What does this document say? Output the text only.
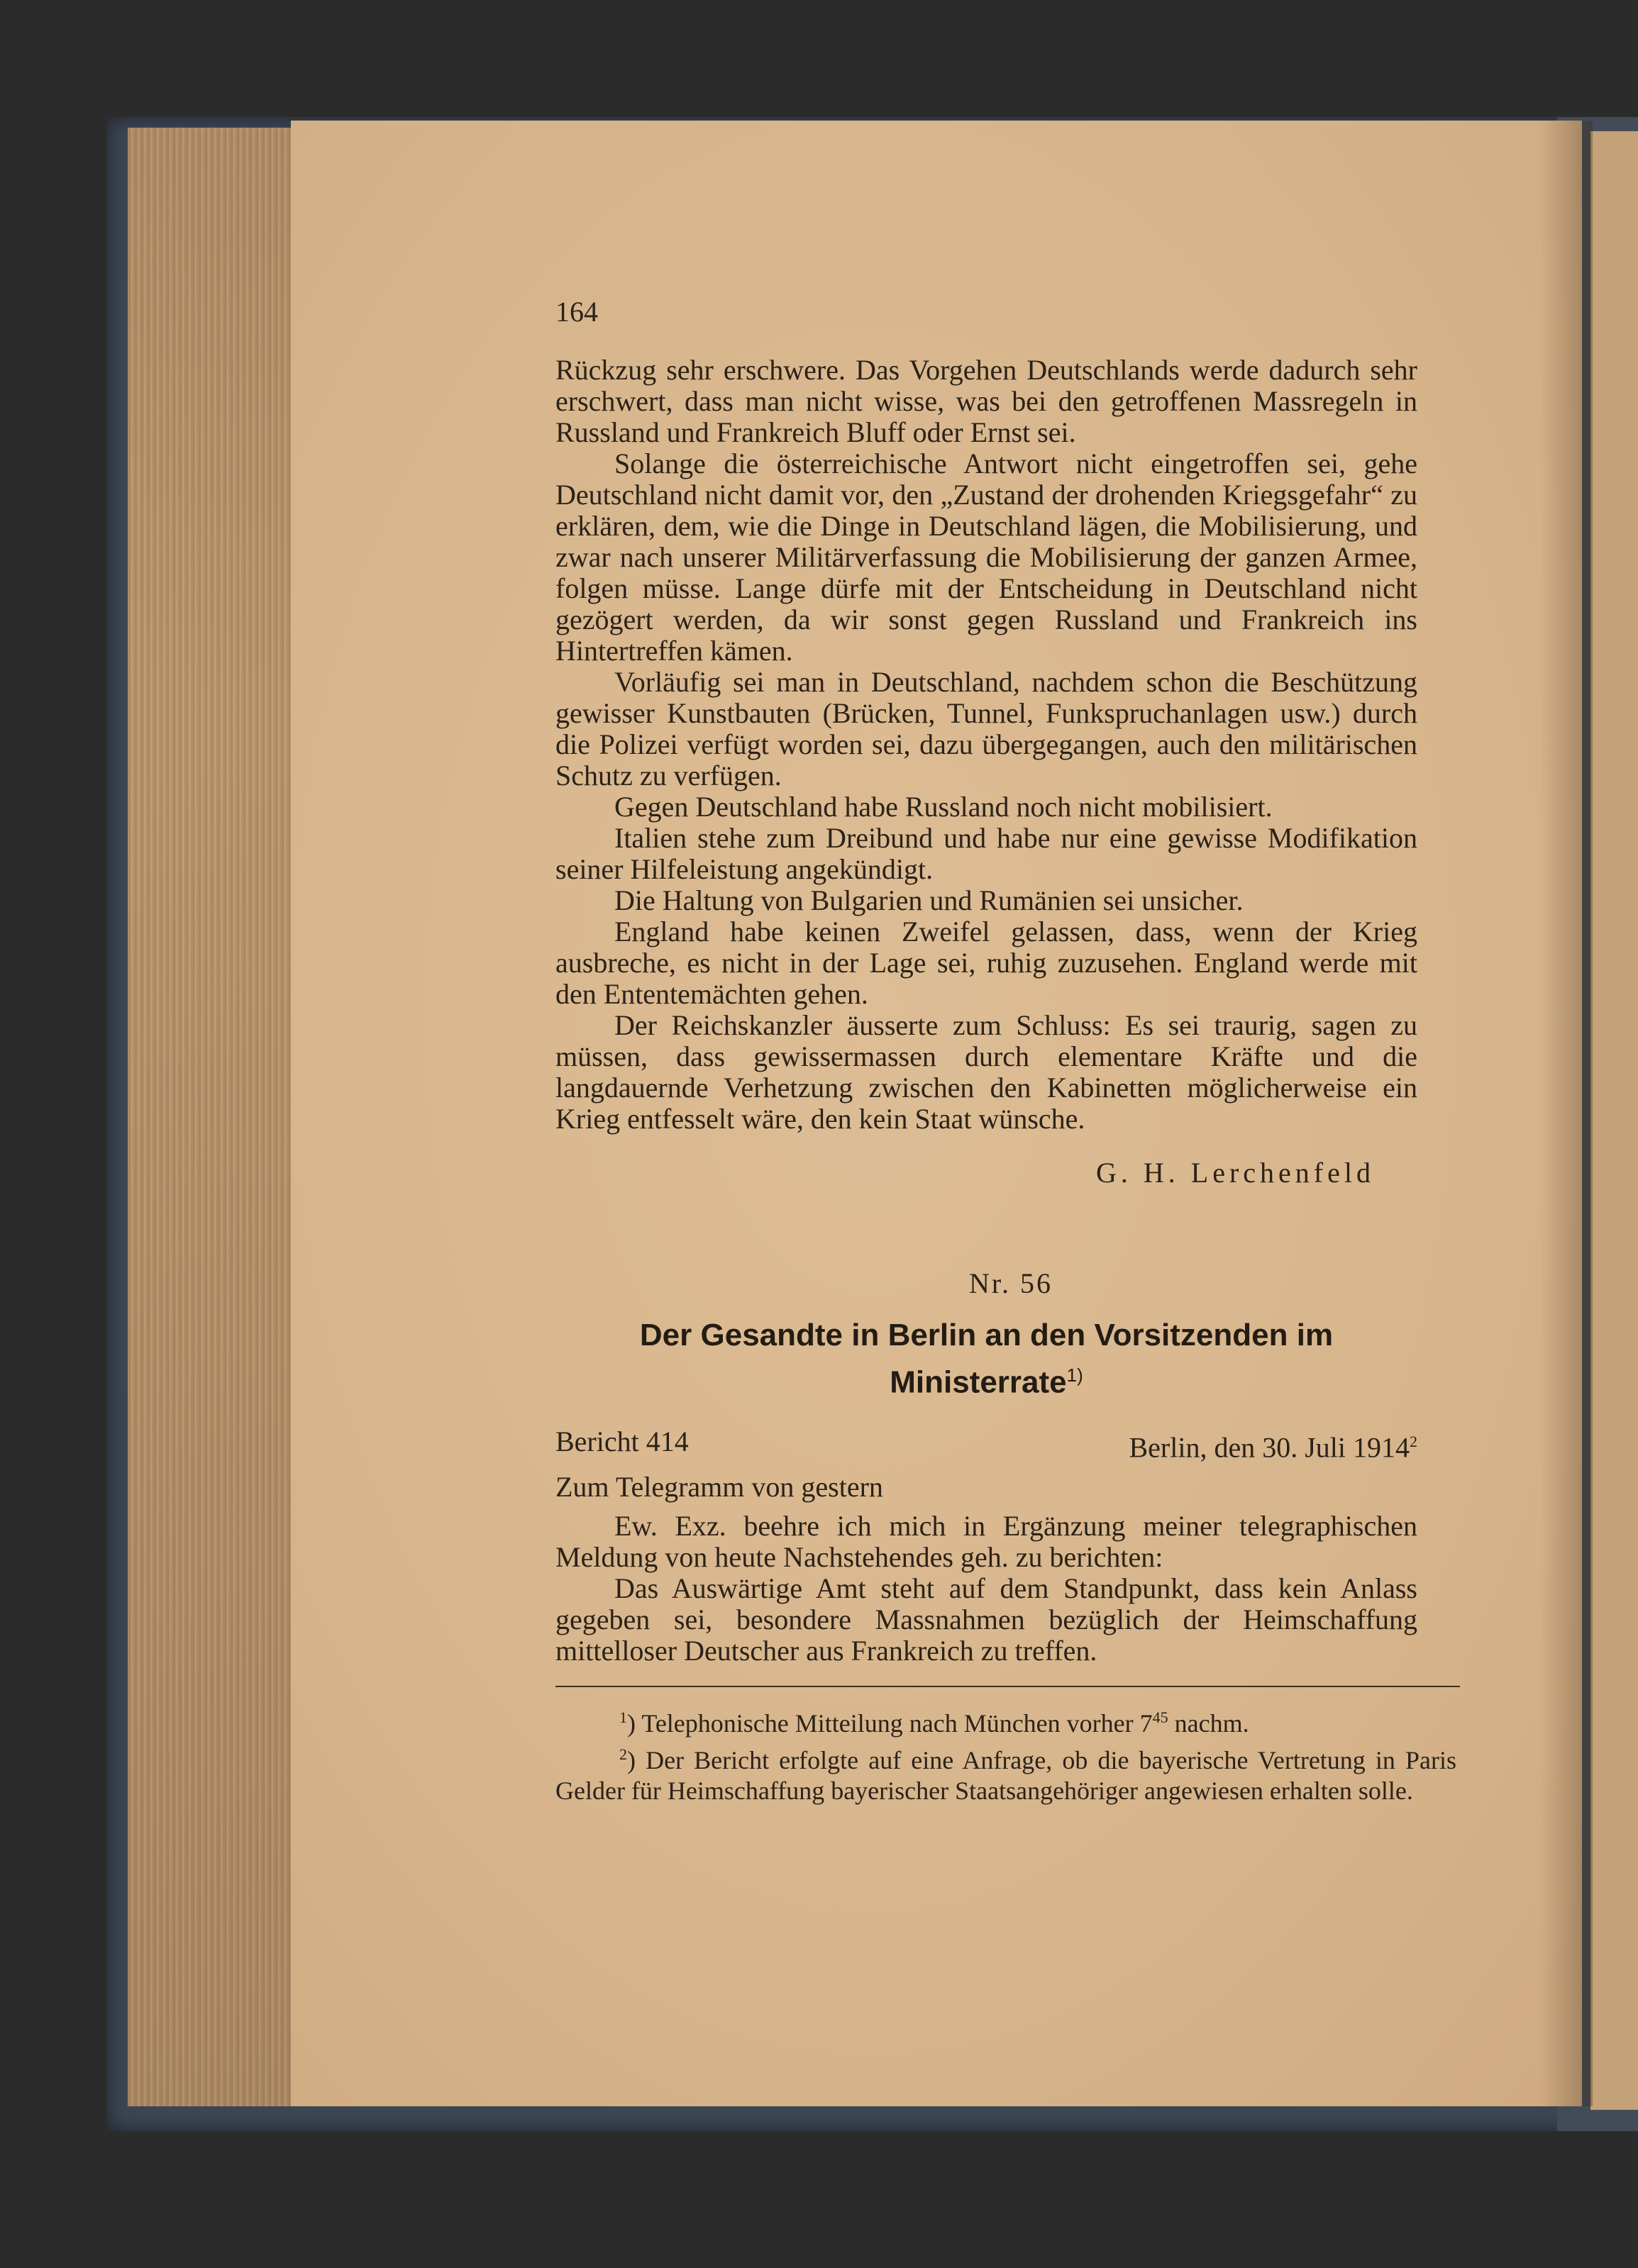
164

Rückzug sehr erschwere. Das Vorgehen Deutschlands werde dadurch sehr erschwert, dass man nicht wisse, was bei den getroffenen Massregeln in Russland und Frankreich Bluff oder Ernst sei.

Solange die österreichische Antwort nicht eingetroffen sei, gehe Deutschland nicht damit vor, den „Zustand der drohenden Kriegsgefahr“ zu erklären, dem, wie die Dinge in Deutschland lägen, die Mobilisierung, und zwar nach unserer Militärverfassung die Mobilisierung der ganzen Armee, folgen müsse. Lange dürfe mit der Entscheidung in Deutschland nicht gezögert werden, da wir sonst gegen Russland und Frankreich ins Hintertreffen kämen.

Vorläufig sei man in Deutschland, nachdem schon die Beschützung gewisser Kunstbauten (Brücken, Tunnel, Funkspruchanlagen usw.) durch die Polizei verfügt worden sei, dazu übergegangen, auch den militärischen Schutz zu verfügen.

Gegen Deutschland habe Russland noch nicht mobilisiert.

Italien stehe zum Dreibund und habe nur eine gewisse Modifikation seiner Hilfeleistung angekündigt.

Die Haltung von Bulgarien und Rumänien sei unsicher.

England habe keinen Zweifel gelassen, dass, wenn der Krieg ausbreche, es nicht in der Lage sei, ruhig zuzusehen. England werde mit den Ententemächten gehen.

Der Reichskanzler äusserte zum Schluss: Es sei traurig, sagen zu müssen, dass gewissermassen durch elementare Kräfte und die langdauernde Verhetzung zwischen den Kabinetten möglicherweise ein Krieg entfesselt wäre, den kein Staat wünsche.

G. H. Lerchenfeld
Nr. 56
Der Gesandte in Berlin an den Vorsitzenden im Ministerrate$^{1)}$
Bericht 414	Berlin, den 30. Juli 1914$^2$
Zum Telegramm von gestern

Ew. Exz. beehre ich mich in Ergänzung meiner telegraphischen Meldung von heute Nachstehendes geh. zu berichten:

Das Auswärtige Amt steht auf dem Standpunkt, dass kein Anlass gegeben sei, besondere Massnahmen bezüglich der Heimschaffung mittelloser Deutscher aus Frankreich zu treffen.

$^1$) Telephonische Mitteilung nach München vorher $7^{45}$ nachm.

$^2$) Der Bericht erfolgte auf eine Anfrage, ob die bayerische Vertretung in Paris Gelder für Heimschaffung bayerischer Staatsangehöriger angewiesen erhalten solle.
